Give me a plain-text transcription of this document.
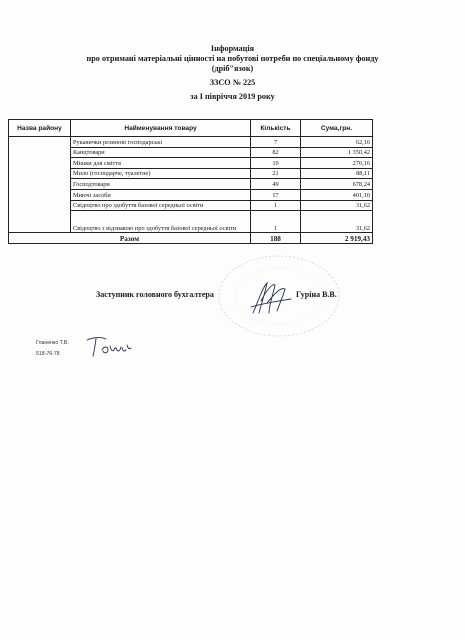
Інформація
про отримані матеріальні цінності на побутові потреби по спеціальному фонду
(дріб"язок)
ЗЗСО № 225
за І півріччя 2019 року
Назва району	Найменування товару	Кількість	Сума,грн.
	Рукавички резинові господарські	7	62,16
	Канцтовари	82	1 350,42
	Мішки для сміття	10	276,16
	Мило (господарче, туалетне)	21	88,11
	Господтовари	49	678,24
	Миючі засоби	17	401,10
	Свідоцтво про здобуття базової середньої освіти	1	31,62
	Свідоцтво з відзнакою про здобуття базової середньої освіти	1	31,62
Разом		188	2 919,43
Заступник головного бухгалтера	Гуріна В.В.
Гланенко Т.В.
518-76-78
